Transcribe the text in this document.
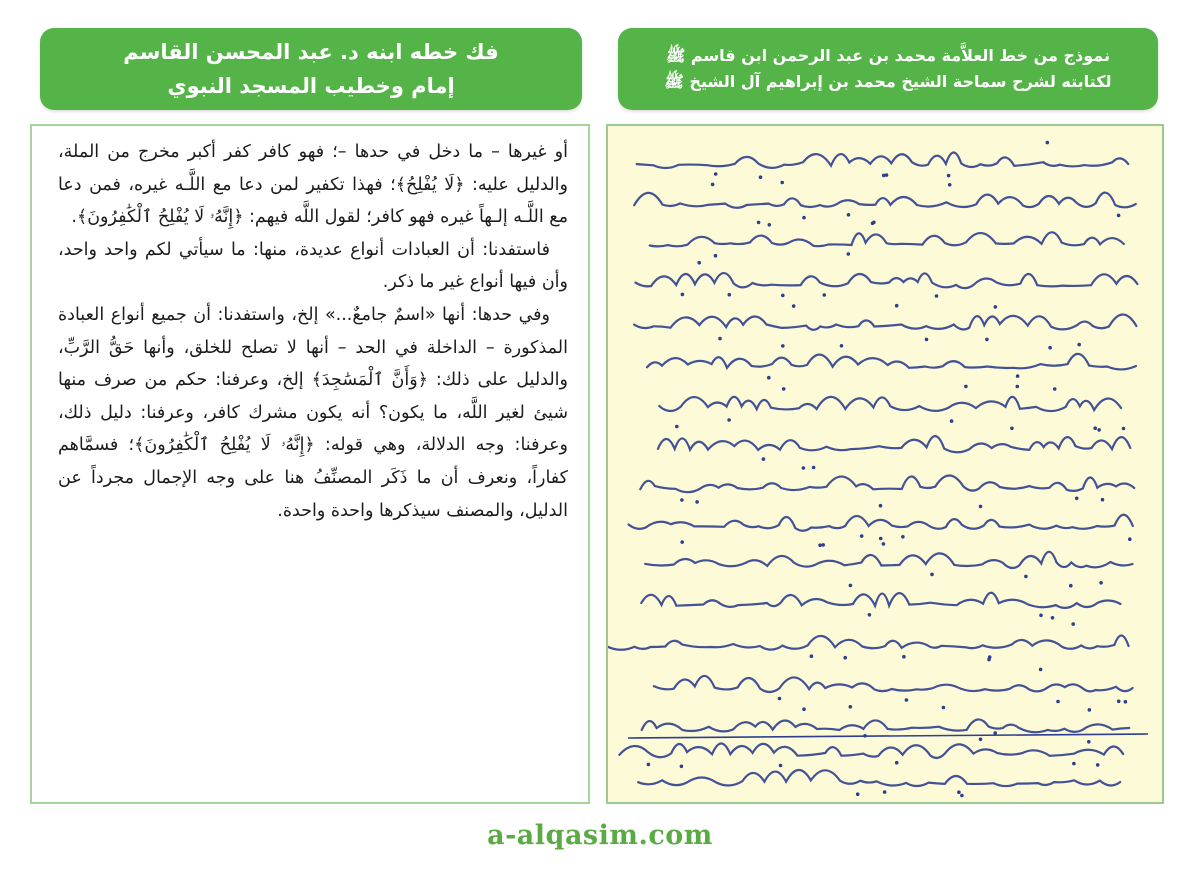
فك خطه ابنه د. عبد المحسن القاسم
إمام وخطيب المسجد النبوي
نموذج من خط العلاَّمة محمد بن عبد الرحمن ابن قاسم ﷺ
لكتابته لشرح سماحة الشيخ محمد بن إبراهيم آل الشيخ ﷺ

أو غيرها – ما دخل في حدها –؛ فهو كافر كفر أكبر مخرج من الملة، والدليل عليه: ﴿لَا يُفْلِحُ﴾؛ فهذا تكفير لمن دعا مع اللَّـه غيره، فمن دعا مع اللَّـه إلـهاً غيره فهو كافر؛ لقول اللَّه فيهم: ﴿إِنَّهُۥ لَا يُفْلِحُ ٱلْكَٰفِرُونَ﴾.

فاستفدنا: أن العبادات أنواع عديدة، منها: ما سيأتي لكم واحد واحد، وأن فيها أنواع غير ما ذكر.

وفي حدها: أنها «اسمٌ جامعٌ...» إلخ، واستفدنا: أن جميع أنواع العبادة المذكورة – الداخلة في الحد – أنها لا تصلح للخلق، وأنها حَقُّ الرَّبِّ، والدليل على ذلك: ﴿وَأَنَّ ٱلْمَسَٰجِدَ﴾ إلخ، وعرفنا: حكم من صرف منها شيئ لغير اللَّه، ما يكون؟ أنه يكون مشرك كافر، وعرفنا: دليل ذلك، وعرفنا: وجه الدلالة، وهي قوله: ﴿إِنَّهُۥ لَا يُفْلِحُ ٱلْكَٰفِرُونَ﴾؛ فسمَّاهم كفاراً، ونعرف أن ما ذَكَر المصنِّفُ هنا على وجه الإجمال مجرداً عن الدليل، والمصنف سيذكرها واحدة واحدة.

a-alqasim.com
